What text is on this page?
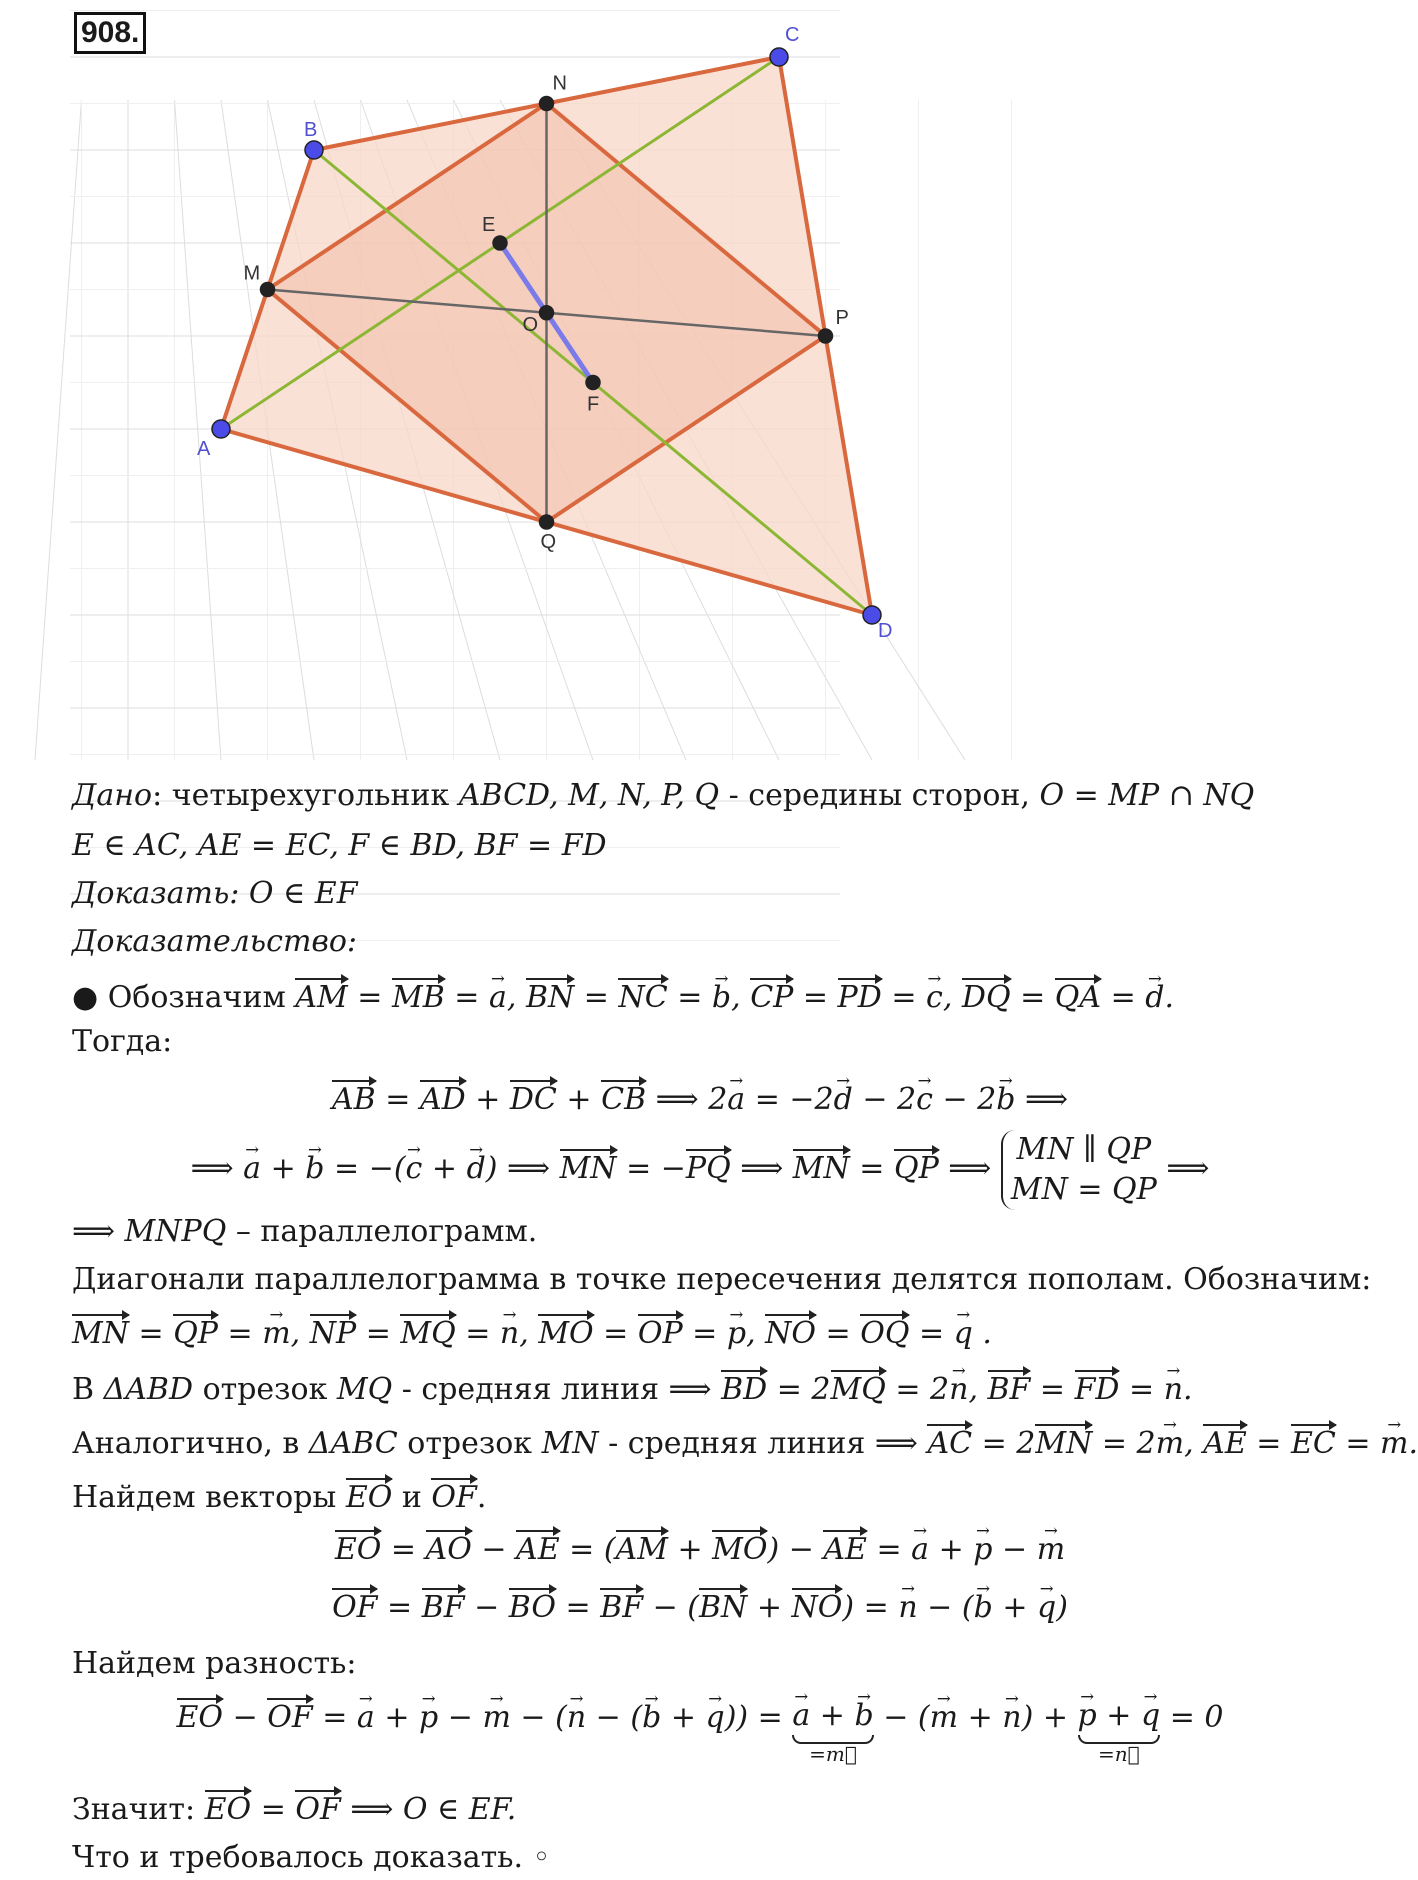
908.
A
B
C
D
M
N
P
Q
E
F
O
Дано: четырехугольник ABCD, M, N, P, Q - середины сторон, O = MP ∩ NQ
E ∈ AC, AE = EC, F ∈ BD, BF = FD
Доказать: O ∈ EF
Доказательство:
● Обозначим AM = MB = → a, BN = NC = → b, CP = PD = → c, DQ = QA = → d.
Тогда:
AB = AD + DC + CB ⟹ 2→ a = −2→ d − 2→ c − 2→ b ⟹
⟹ → a + → b = −(→ c + → d) ⟹ MN = −PQ ⟹ MN = QP ⟹ MN ∥ QP
MN = QP ⟹
⟹ MNPQ – параллелограмм.
Диагонали параллелограмма в точке пересечения делятся пополам. Обозначим:
MN = QP = → m, NP = MQ = → n, MO = OP = → p, NO = OQ = → q .
В ΔABD отрезок MQ - средняя линия ⟹ BD = 2MQ = 2→ n, BF = FD = → n.
Аналогично, в ΔABC отрезок MN - средняя линия ⟹ AC = 2MN = 2→ m, AE = EC = → m.
Найдем векторы EO и OF.
EO = AO − AE = (AM + MO) − AE = → a + → p − → m
OF = BF − BO = BF − (BN + NO) = → n − (→ b + → q)
Найдем разность:
EO − OF = → a + → p − → m − (→ n − (→ b + → q)) = → a + → b
=m⃗
− (→ m + → n) + → p + → q
=n⃗
= 0
Значит: EO = OF ⟹ O ∈ EF.
Что и требовалось доказать. ◦
